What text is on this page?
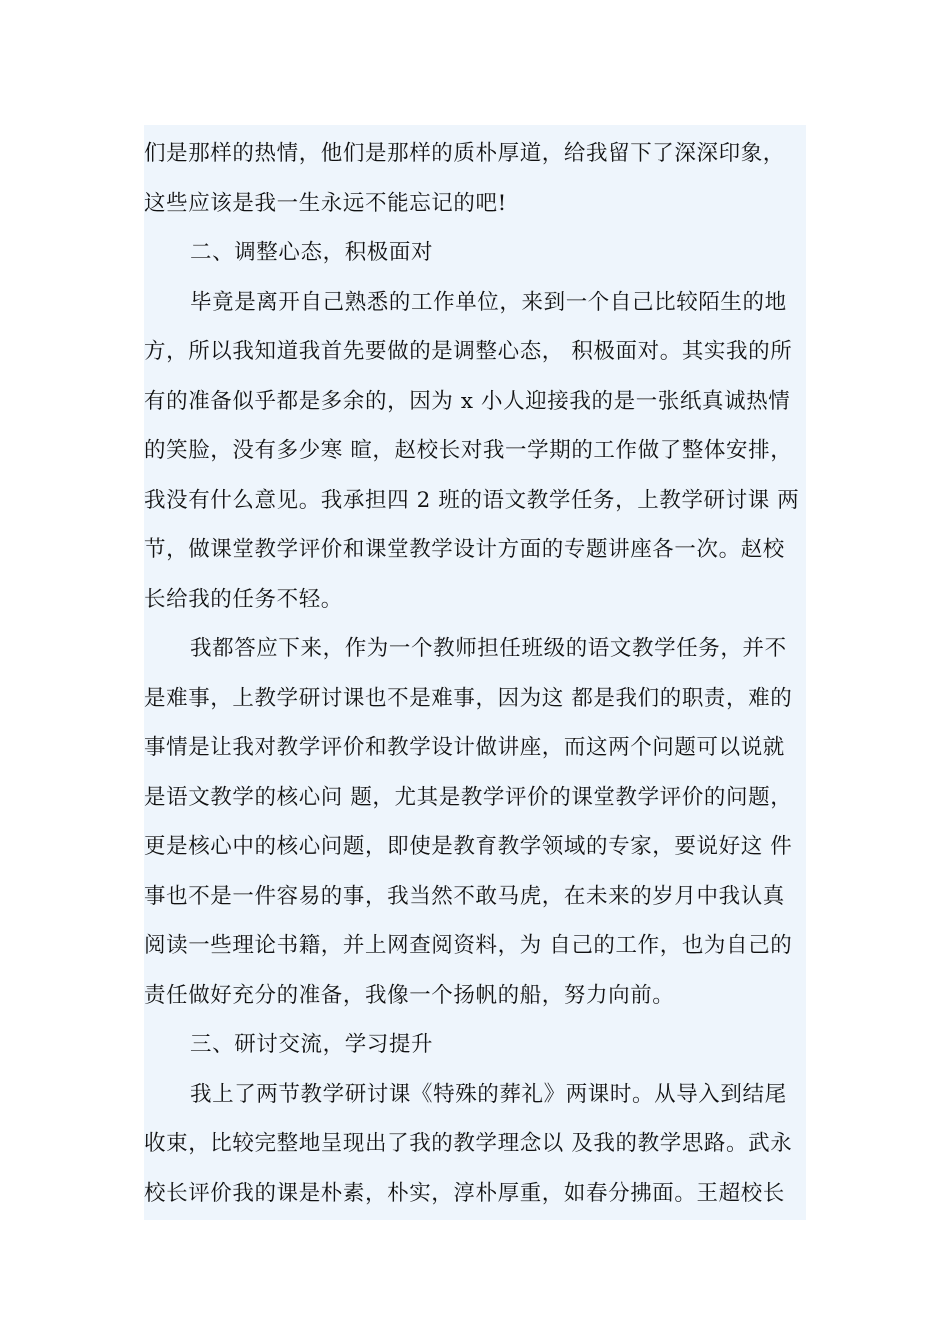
们是那样的热情，他们是那样的质朴厚道，给我留下了深深印象，
这些应该是我一生永远不能忘记的吧!
二、调整心态，积极面对
毕竟是离开自己熟悉的工作单位，来到一个自己比较陌生的地
方，所以我知道我首先要做的是调整心态， 积极面对。其实我的所
有的准备似乎都是多余的，因为 x 小人迎接我的是一张纸真诚热情
的笑脸，没有多少寒 暄，赵校长对我一学期的工作做了整体安排，
我没有什么意见。我承担四 2 班的语文教学任务，上教学研讨课 两
节，做课堂教学评价和课堂教学设计方面的专题讲座各一次。赵校
长给我的任务不轻。
我都答应下来，作为一个教师担任班级的语文教学任务，并不
是难事，上教学研讨课也不是难事，因为这 都是我们的职责，难的
事情是让我对教学评价和教学设计做讲座，而这两个问题可以说就
是语文教学的核心问 题，尤其是教学评价的课堂教学评价的问题，
更是核心中的核心问题，即使是教育教学领域的专家，要说好这 件
事也不是一件容易的事，我当然不敢马虎，在未来的岁月中我认真
阅读一些理论书籍，并上网查阅资料，为 自己的工作，也为自己的
责任做好充分的准备，我像一个扬帆的船，努力向前。
三、研讨交流，学习提升
我上了两节教学研讨课《特殊的葬礼》两课时。从导入到结尾
收束，比较完整地呈现出了我的教学理念以 及我的教学思路。武永
校长评价我的课是朴素，朴实，淳朴厚重，如春分拂面。王超校长
